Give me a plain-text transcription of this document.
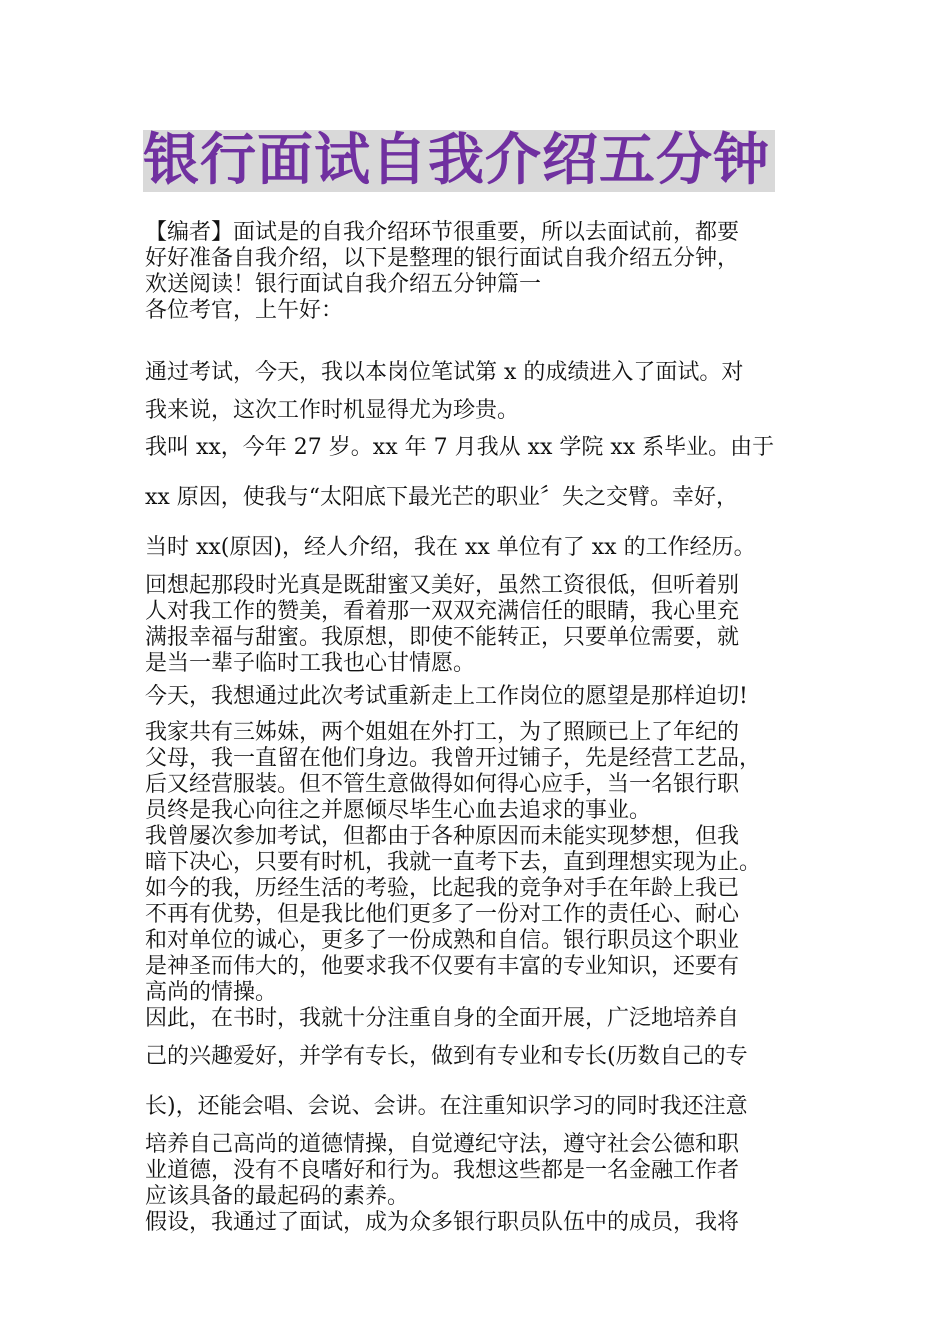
银行面试自我介绍五分钟
【编者】面试是的自我介绍环节很重要，所以去面试前，都要
好好准备自我介绍，以下是整理的银行面试自我介绍五分钟，
欢送阅读！银行面试自我介绍五分钟篇一
各位考官，上午好：
通过考试，今天，我以本岗位笔试第 x 的成绩进入了面试。对
我来说，这次工作时机显得尤为珍贵。
我叫 xx，今年 27 岁。xx 年 7 月我从 xx 学院 xx 系毕业。由于
xx 原因，使我与“太阳底下最光芒的职业〞失之交臂。幸好，
当时 xx(原因)，经人介绍，我在 xx 单位有了 xx 的工作经历。
回想起那段时光真是既甜蜜又美好，虽然工资很低，但听着别
人对我工作的赞美，看着那一双双充满信任的眼睛，我心里充
满报幸福与甜蜜。我原想，即使不能转正，只要单位需要，就
是当一辈子临时工我也心甘情愿。
今天，我想通过此次考试重新走上工作岗位的愿望是那样迫切!
我家共有三姊妹，两个姐姐在外打工，为了照顾已上了年纪的
父母，我一直留在他们身边。我曾开过铺子，先是经营工艺品，
后又经营服装。但不管生意做得如何得心应手，当一名银行职
员终是我心向往之并愿倾尽毕生心血去追求的事业。
我曾屡次参加考试，但都由于各种原因而未能实现梦想，但我
暗下决心，只要有时机，我就一直考下去，直到理想实现为止。
如今的我，历经生活的考验，比起我的竞争对手在年龄上我已
不再有优势，但是我比他们更多了一份对工作的责任心、耐心
和对单位的诚心，更多了一份成熟和自信。银行职员这个职业
是神圣而伟大的，他要求我不仅要有丰富的专业知识，还要有
高尚的情操。
因此，在书时，我就十分注重自身的全面开展，广泛地培养自
己的兴趣爱好，并学有专长，做到有专业和专长(历数自己的专
长)，还能会唱、会说、会讲。在注重知识学习的同时我还注意
培养自己高尚的道德情操，自觉遵纪守法，遵守社会公德和职
业道德，没有不良嗜好和行为。我想这些都是一名金融工作者
应该具备的最起码的素养。
假设，我通过了面试，成为众多银行职员队伍中的成员，我将
